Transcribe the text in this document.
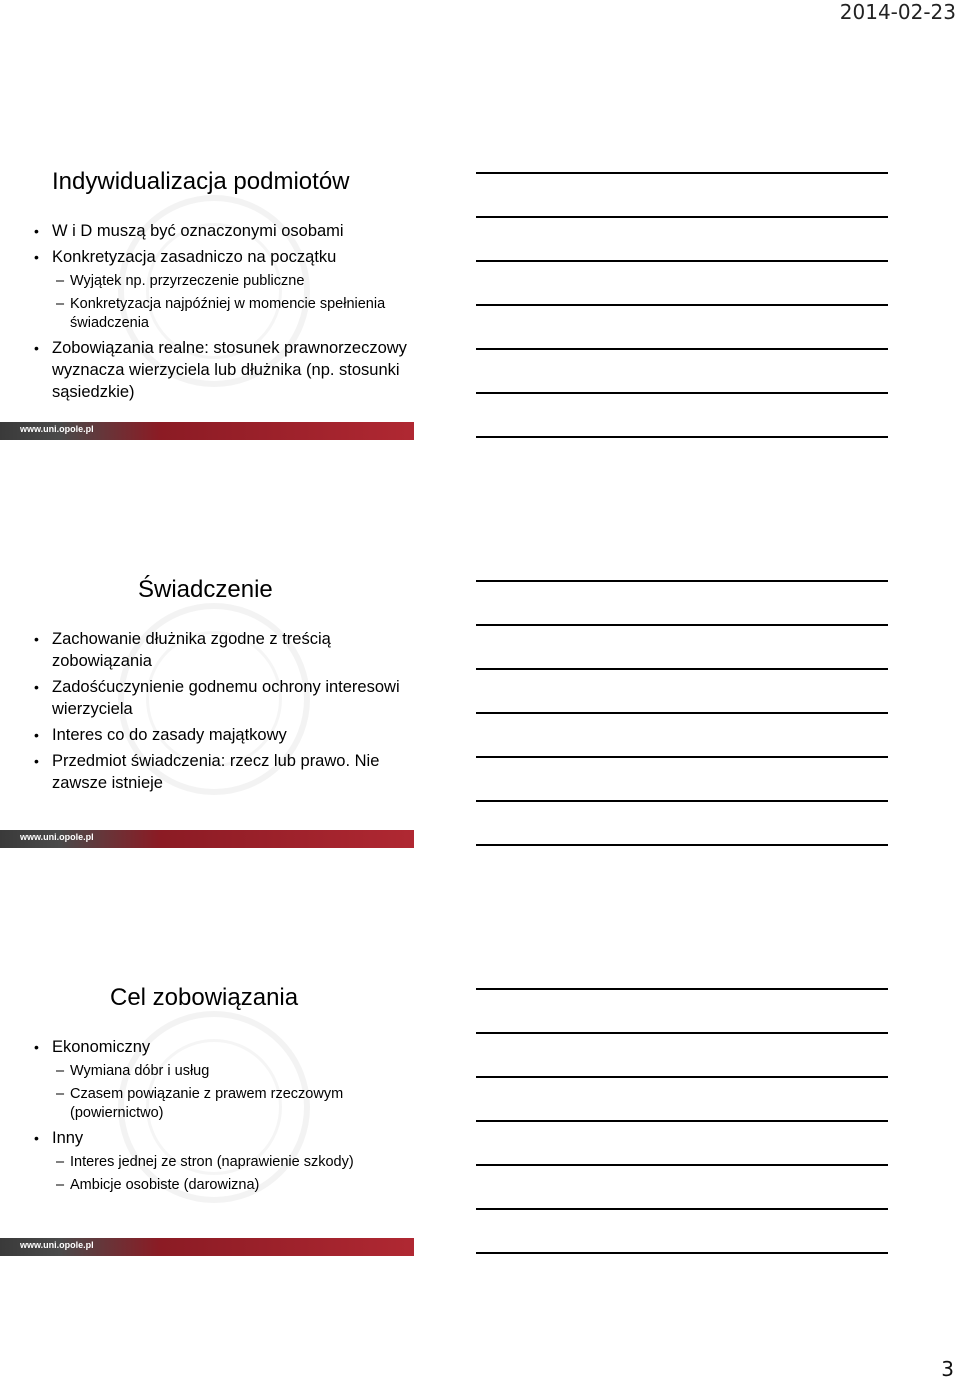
2014-02-23
Indywidualizacja podmiotów
• W i D muszą być oznaczonymi osobami
• Konkretyzacja zasadniczo na początku
– Wyjątek np. przyrzeczenie publiczne
– Konkretyzacja najpóźniej w momencie spełnienia świadczenia
• Zobowiązania realne: stosunek prawnorzeczowy wyznacza wierzyciela lub dłużnika (np. stosunki sąsiedzkie)
www.uni.opole.pl
Świadczenie
• Zachowanie dłużnika zgodne z treścią zobowiązania
• Zadośćuczynienie godnemu ochrony interesowi wierzyciela
• Interes co do zasady majątkowy
• Przedmiot świadczenia: rzecz lub prawo. Nie zawsze istnieje
www.uni.opole.pl
Cel zobowiązania
• Ekonomiczny
– Wymiana dóbr i usług
– Czasem powiązanie z prawem rzeczowym (powiernictwo)
• Inny
– Interes jednej ze stron (naprawienie szkody)
– Ambicje osobiste (darowizna)
www.uni.opole.pl
3
